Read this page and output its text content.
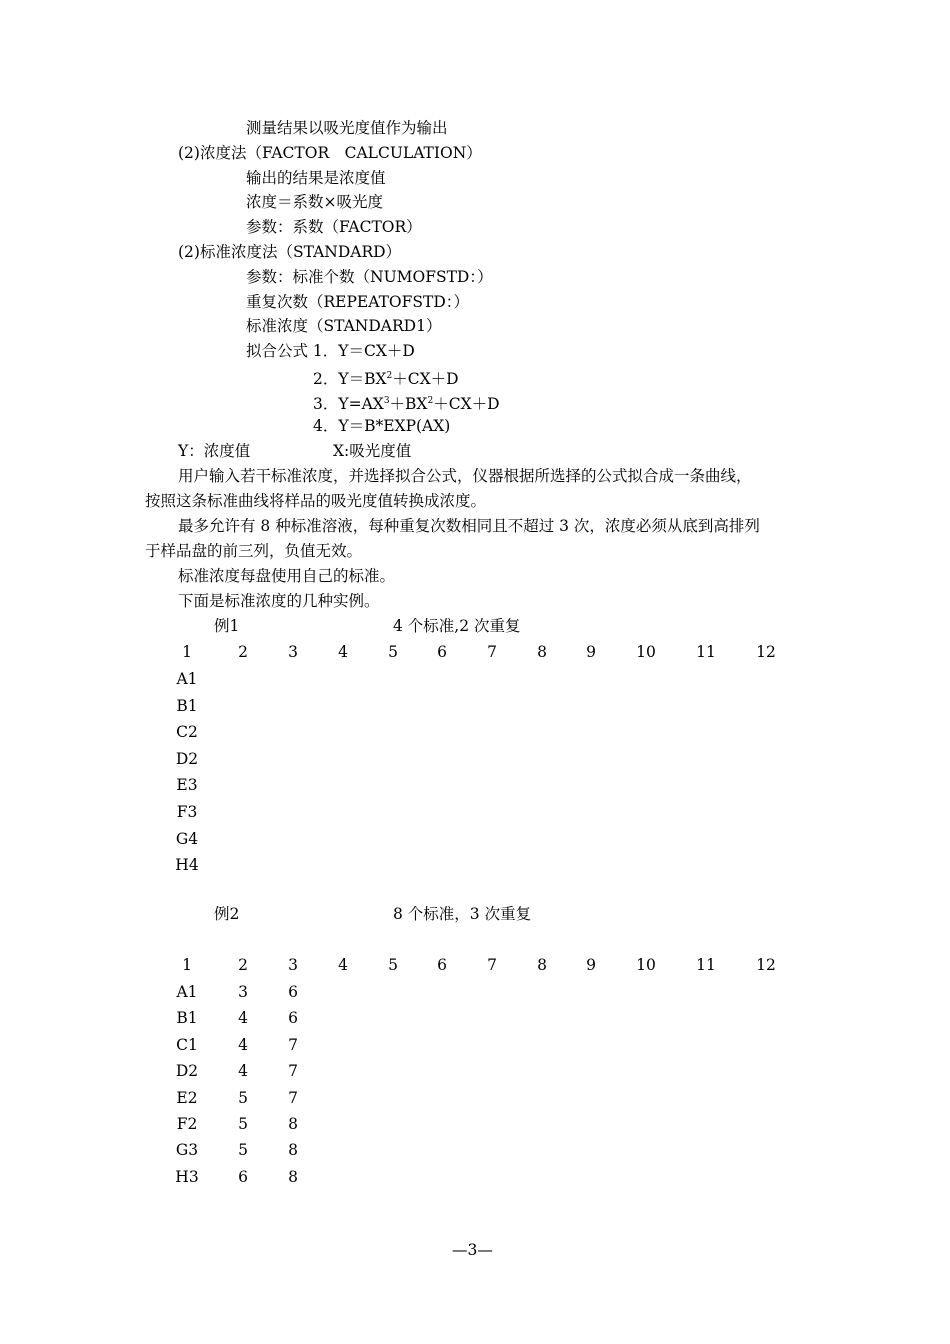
测量结果以吸光度值作为输出
(2)浓度法（FACTOR　CALCULATION）
输出的结果是浓度值
浓度＝系数×吸光度
参数：系数（FACTOR）
(2)标准浓度法（STANDARD）
参数：标准个数（NUMOFSTD：）
重复次数（REPEATOFSTD：）
标准浓度（STANDARD1）
拟合公式 1．Y＝CX＋D
2．$Y=BX^2+CX+D$
3．$Y=AX^3+BX^2+CX+D$
4．Y＝B*EXP(AX)
Y：浓度值	X:吸光度值
用户输入若干标准浓度，并选择拟合公式，仪器根据所选择的公式拟合成一条曲线，
按照这条标准曲线将样品的吸光度值转换成浓度。
最多允许有 8 种标准溶液，每种重复次数相同且不超过 3 次，浓度必须从底到高排列
于样品盘的前三列，负值无效。
标准浓度每盘使用自己的标准。
下面是标准浓度的几种实例。
例1	4 个标准,2 次重复
1	2	3	4	5	6	7	8	9	10	11	12
A1
B1
C2
D2
E3
F3
G4
H4
例2	8 个标准，3 次重复
1	2	3	4	5	6	7	8	9	10	11	12
A1	3	6
B1	4	6
C1	4	7
D2	4	7
E2	5	7
F2	5	8
G3	5	8
H3	6	8
—3—
